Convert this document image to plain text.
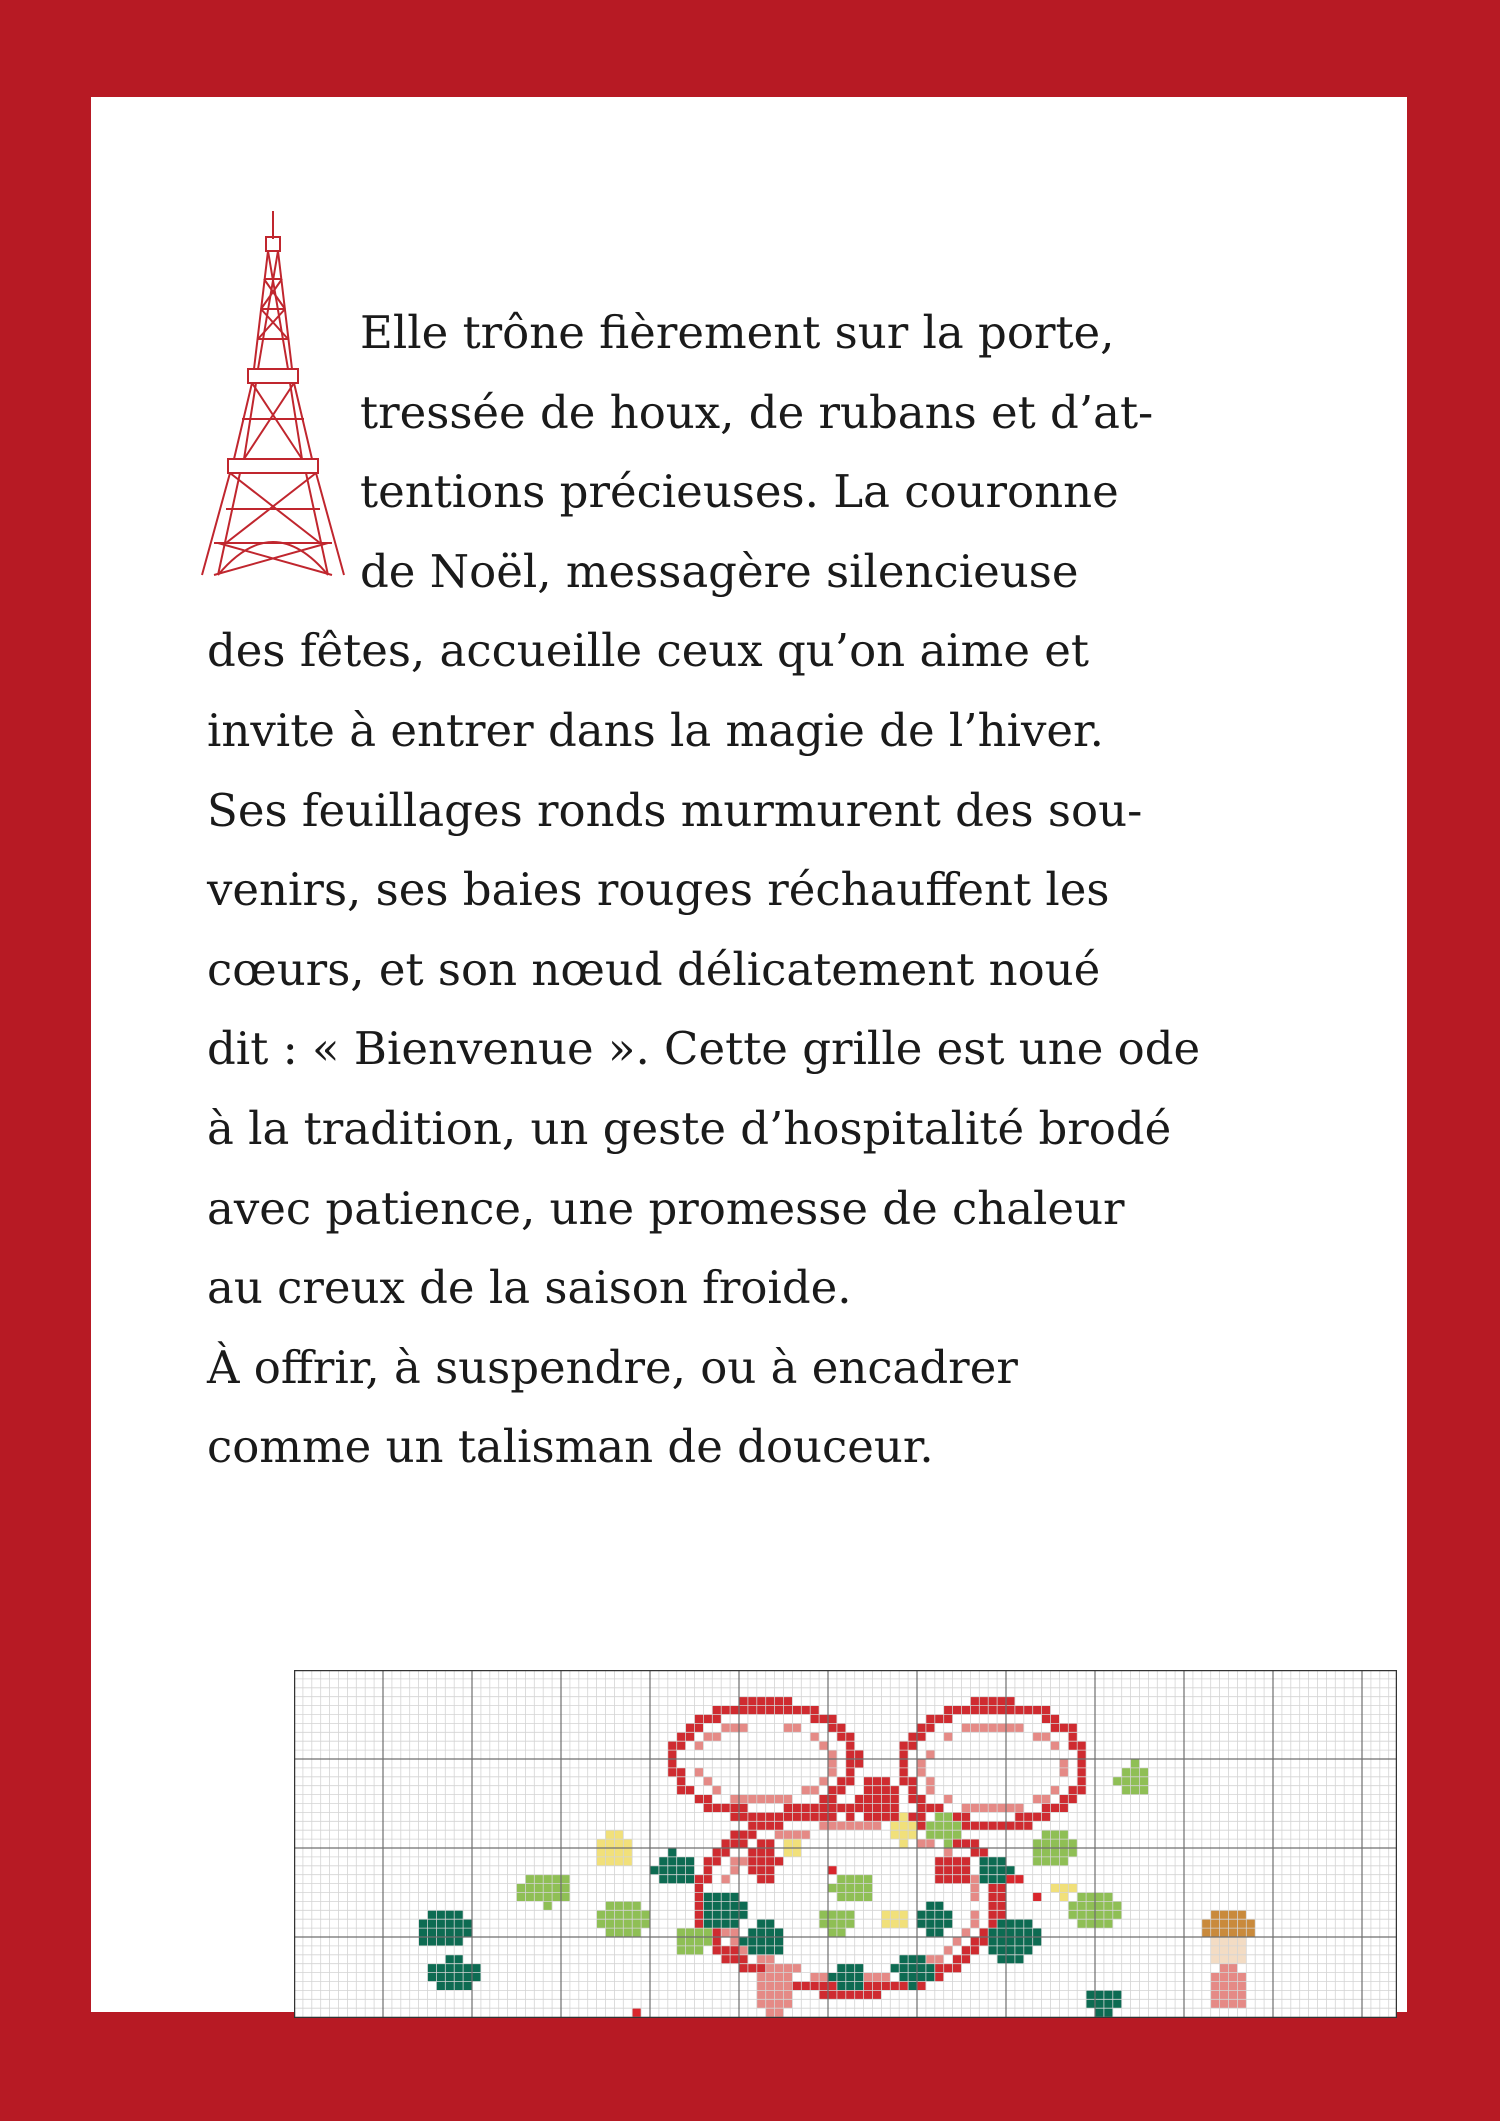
Elle trône fièrement sur la porte,
tressée de houx, de rubans et d’at-
tentions précieuses. La couronne
de Noël, messagère silencieuse
des fêtes, accueille ceux qu’on aime et
invite à entrer dans la magie de l’hiver.
Ses feuillages ronds murmurent des sou-
venirs, ses baies rouges réchauffent les
cœurs, et son nœud délicatement noué
dit : « Bienvenue ». Cette grille est une ode
à la tradition, un geste d’hospitalité brodé
avec patience, une promesse de chaleur
au creux de la saison froide.
À offrir, à suspendre, ou à encadrer
comme un talisman de douceur.
